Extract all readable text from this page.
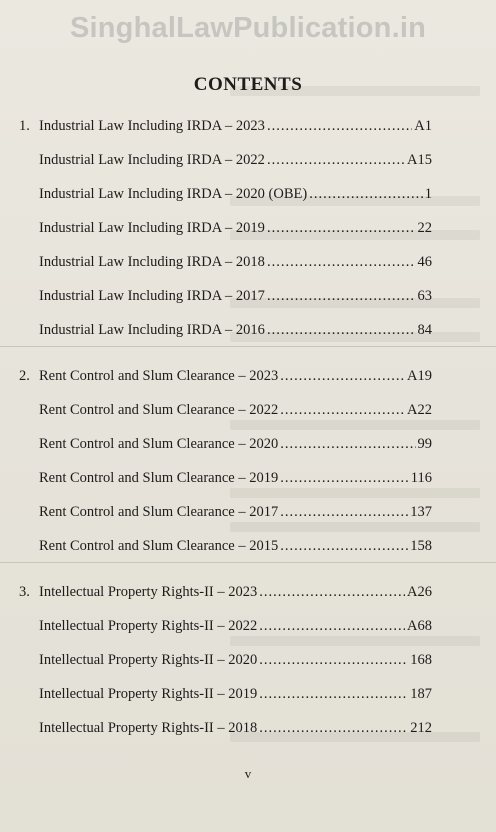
SinghalLawPublication.in
CONTENTS
1. Industrial Law Including IRDA – 2023 .....	A1
Industrial Law Including IRDA – 2022 .....	A15
Industrial Law Including IRDA – 2020 (OBE) .....	1
Industrial Law Including IRDA – 2019 .....	22
Industrial Law Including IRDA – 2018 .....	46
Industrial Law Including IRDA – 2017 .....	63
Industrial Law Including IRDA – 2016 .....	84
2. Rent Control and Slum Clearance – 2023 .....	A19
Rent Control and Slum Clearance – 2022 .....	A22
Rent Control and Slum Clearance – 2020 .....	99
Rent Control and Slum Clearance – 2019 .....	116
Rent Control and Slum Clearance – 2017 .....	137
Rent Control and Slum Clearance – 2015 .....	158
3. Intellectual Property Rights-II – 2023 .....	A26
Intellectual Property Rights-II – 2022 .....	A68
Intellectual Property Rights-II – 2020 .....	168
Intellectual Property Rights-II – 2019 .....	187
Intellectual Property Rights-II – 2018 .....	212
v
